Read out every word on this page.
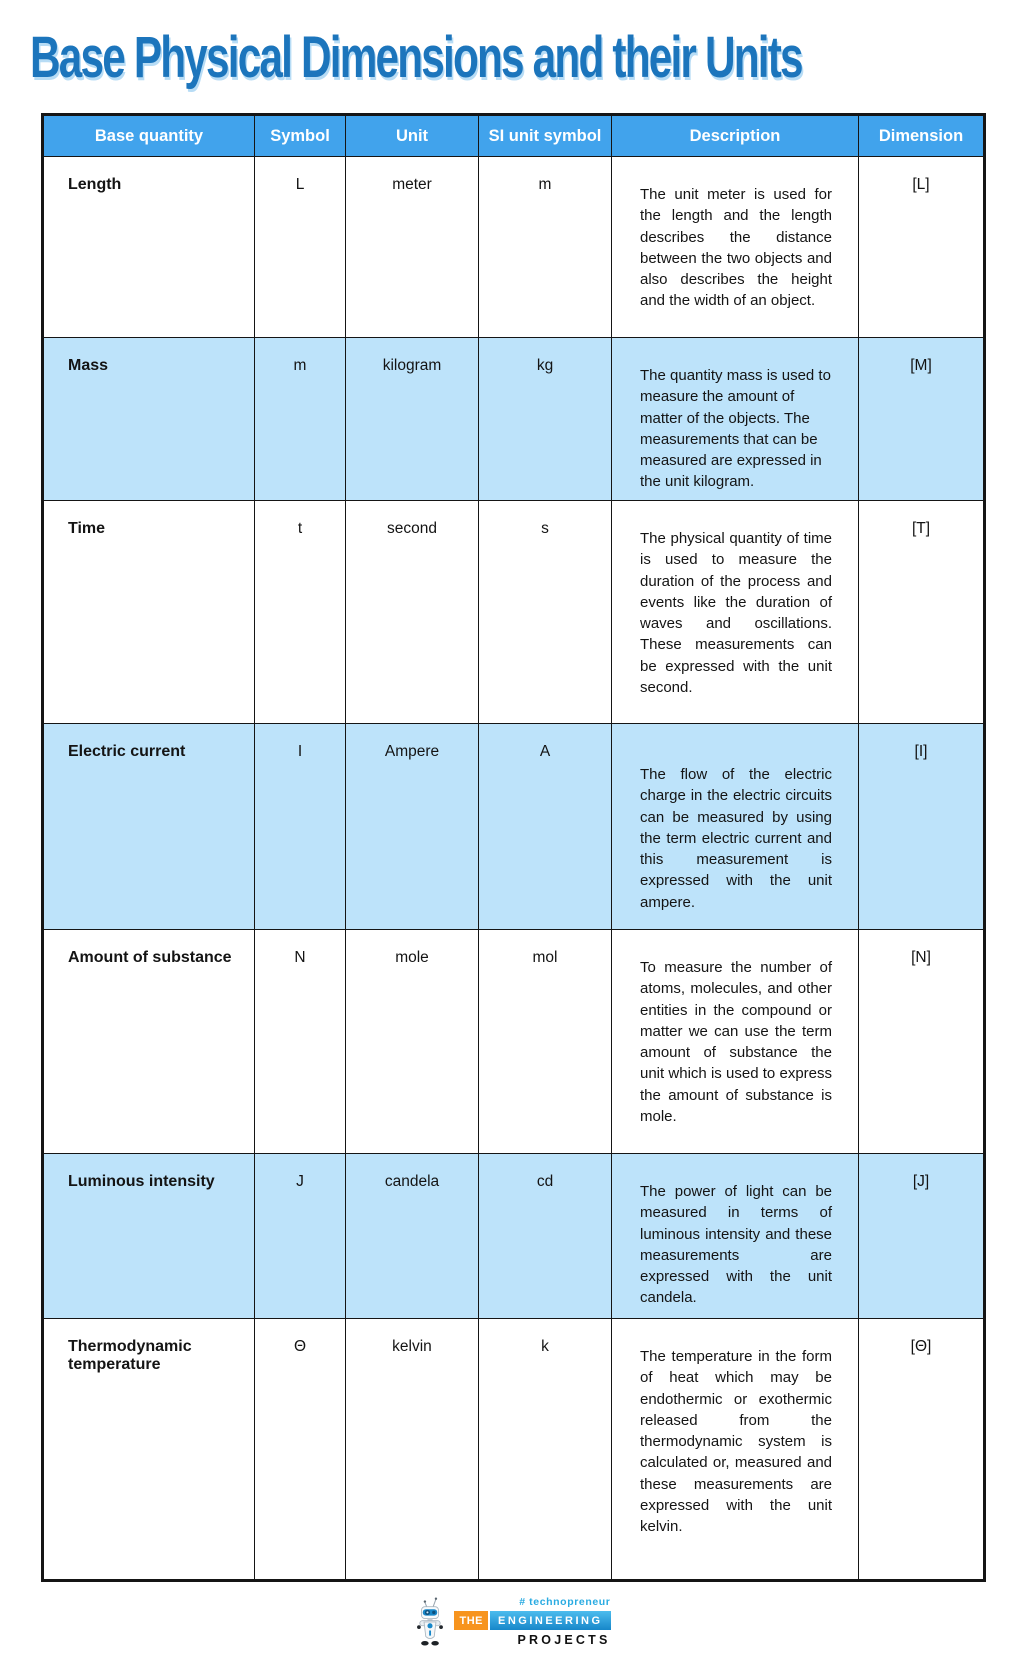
Base Physical Dimensions and their Units
Base quantity	Symbol	Unit	SI unit symbol	Description	Dimension
Length	L	meter	m	The unit meter is used for the length and the length describes the distance between the two objects and also describes the height and the width of an object.	[L]
Mass	m	kilogram	kg	The quantity mass is used to measure the amount of matter of the objects. The measurements that can be measured are expressed in the unit kilogram.	[M]
Time	t	second	s	The physical quantity of time is used to measure the duration of the process and events like the duration of waves and oscillations. These measurements can be expressed with the unit second.	[T]
Electric current	I	Ampere	A	The flow of the electric charge in the electric circuits can be measured by using the term electric current and this measurement is expressed with the unit ampere.	[I]
Amount of substance	N	mole	mol	To measure the number of atoms, molecules, and other entities in the compound or matter we can use the term amount of substance the unit which is used to express the amount of substance is mole.	[N]
Luminous intensity	J	candela	cd	The power of light can be measured in terms of luminous intensity and these measurements are expressed with the unit candela.	[J]
Thermodynamic temperature	Θ	kelvin	k	The temperature in the form of heat which may be endothermic or exothermic released from the thermodynamic system is calculated or, measured and these measurements are expressed with the unit kelvin.	[Θ]
# technopreneur
THE	ENGINEERING
PROJECTS
